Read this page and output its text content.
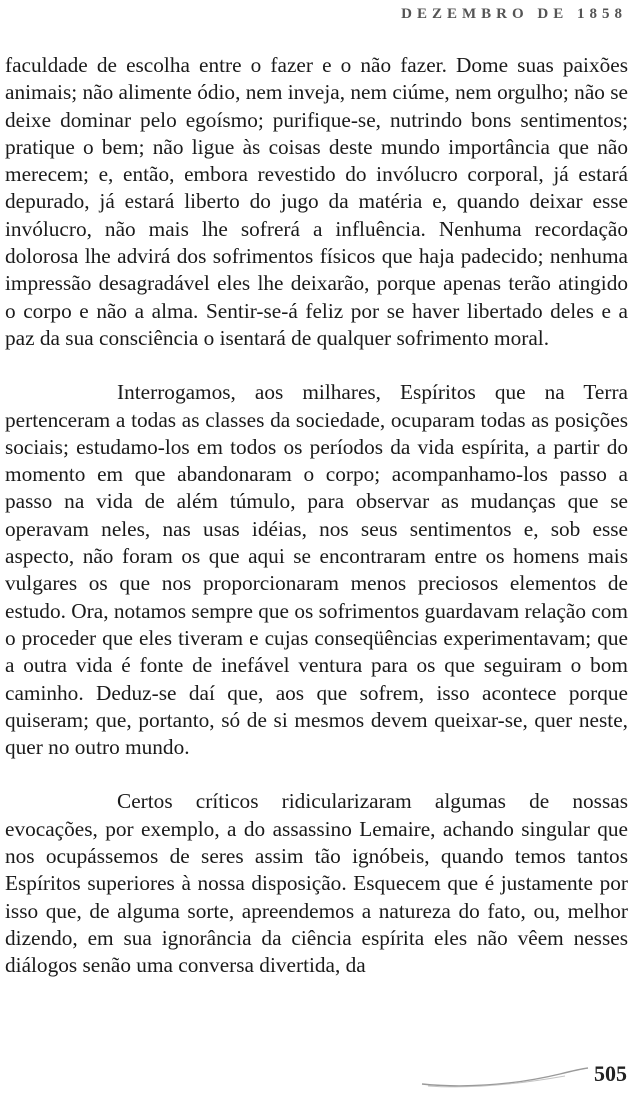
DEZEMBRO DE 1858

faculdade de escolha entre o fazer e o não fazer. Dome suas paixões animais; não alimente ódio, nem inveja, nem ciúme, nem orgulho; não se deixe dominar pelo egoísmo; purifique-se, nutrindo bons sentimentos; pratique o bem; não ligue às coisas deste mundo importância que não merecem; e, então, embora revestido do invólucro corporal, já estará depurado, já estará liberto do jugo da matéria e, quando deixar esse invólucro, não mais lhe sofrerá a influência. Nenhuma recordação dolorosa lhe advirá dos sofrimentos físicos que haja padecido; nenhuma impressão desagradável eles lhe deixarão, porque apenas terão atingido o corpo e não a alma. Sentir-se-á feliz por se haver libertado deles e a paz da sua consciência o isentará de qualquer sofrimento moral.

Interrogamos, aos milhares, Espíritos que na Terra pertenceram a todas as classes da sociedade, ocuparam todas as posições sociais; estudamo-los em todos os períodos da vida espírita, a partir do momento em que abandonaram o corpo; acompanhamo-los passo a passo na vida de além túmulo, para observar as mudanças que se operavam neles, nas usas idéias, nos seus sentimentos e, sob esse aspecto, não foram os que aqui se encontraram entre os homens mais vulgares os que nos proporcionaram menos preciosos elementos de estudo. Ora, notamos sempre que os sofrimentos guardavam relação com o proceder que eles tiveram e cujas conseqüências experimentavam; que a outra vida é fonte de inefável ventura para os que seguiram o bom caminho. Deduz-se daí que, aos que sofrem, isso acontece porque quiseram; que, portanto, só de si mesmos devem queixar-se, quer neste, quer no outro mundo.

Certos críticos ridicularizaram algumas de nossas evocações, por exemplo, a do assassino Lemaire, achando singular que nos ocupássemos de seres assim tão ignóbeis, quando temos tantos Espíritos superiores à nossa disposição. Esquecem que é justamente por isso que, de alguma sorte, apreendemos a natureza do fato, ou, melhor dizendo, em sua ignorância da ciência espírita eles não vêem nesses diálogos senão uma conversa divertida, da

505
